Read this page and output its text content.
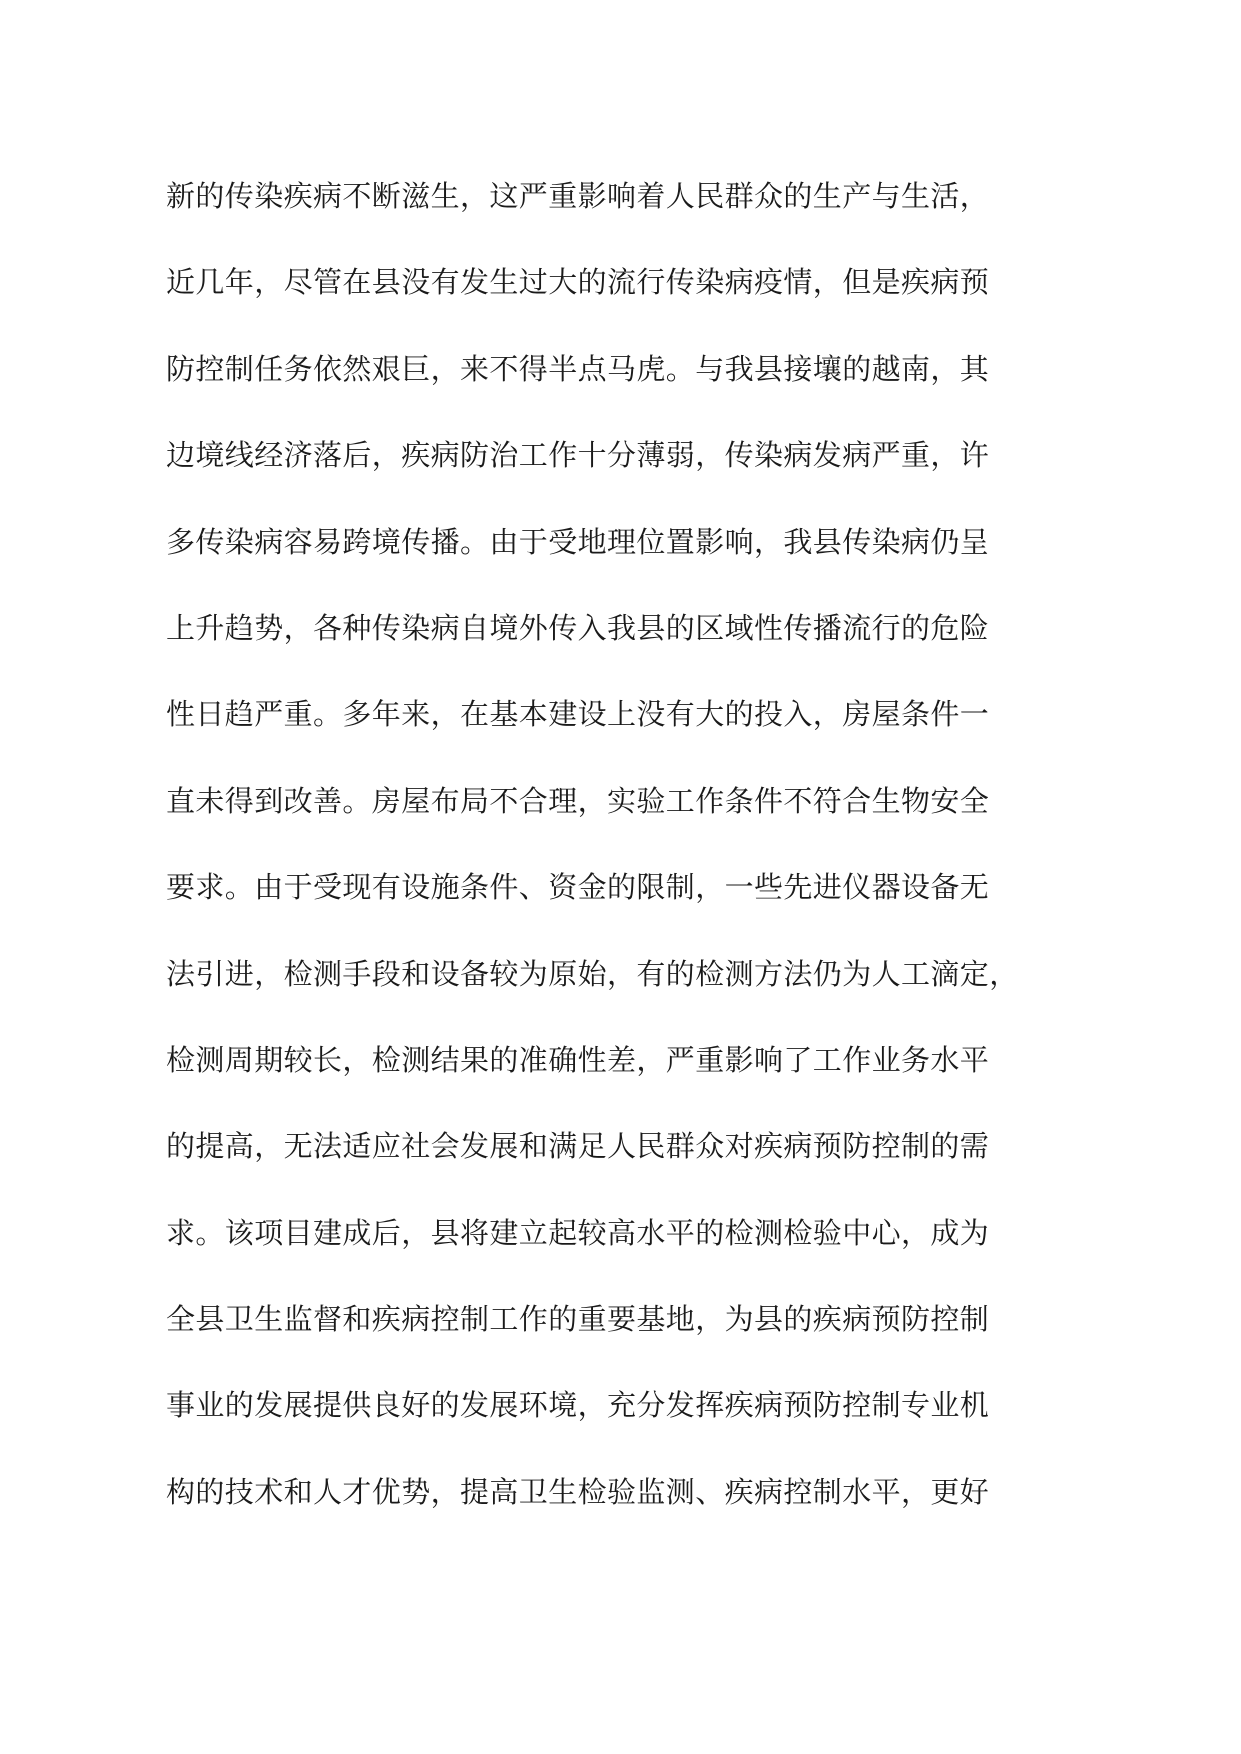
新的传染疾病不断滋生，这严重影响着人民群众的生产与生活，
近几年，尽管在县没有发生过大的流行传染病疫情，但是疾病预
防控制任务依然艰巨，来不得半点马虎。与我县接壤的越南，其
边境线经济落后，疾病防治工作十分薄弱，传染病发病严重，许
多传染病容易跨境传播。由于受地理位置影响，我县传染病仍呈
上升趋势，各种传染病自境外传入我县的区域性传播流行的危险
性日趋严重。多年来，在基本建设上没有大的投入，房屋条件一
直未得到改善。房屋布局不合理，实验工作条件不符合生物安全
要求。由于受现有设施条件、资金的限制，一些先进仪器设备无
法引进，检测手段和设备较为原始，有的检测方法仍为人工滴定，
检测周期较长，检测结果的准确性差，严重影响了工作业务水平
的提高，无法适应社会发展和满足人民群众对疾病预防控制的需
求。该项目建成后，县将建立起较高水平的检测检验中心，成为
全县卫生监督和疾病控制工作的重要基地，为县的疾病预防控制
事业的发展提供良好的发展环境，充分发挥疾病预防控制专业机
构的技术和人才优势，提高卫生检验监测、疾病控制水平，更好
